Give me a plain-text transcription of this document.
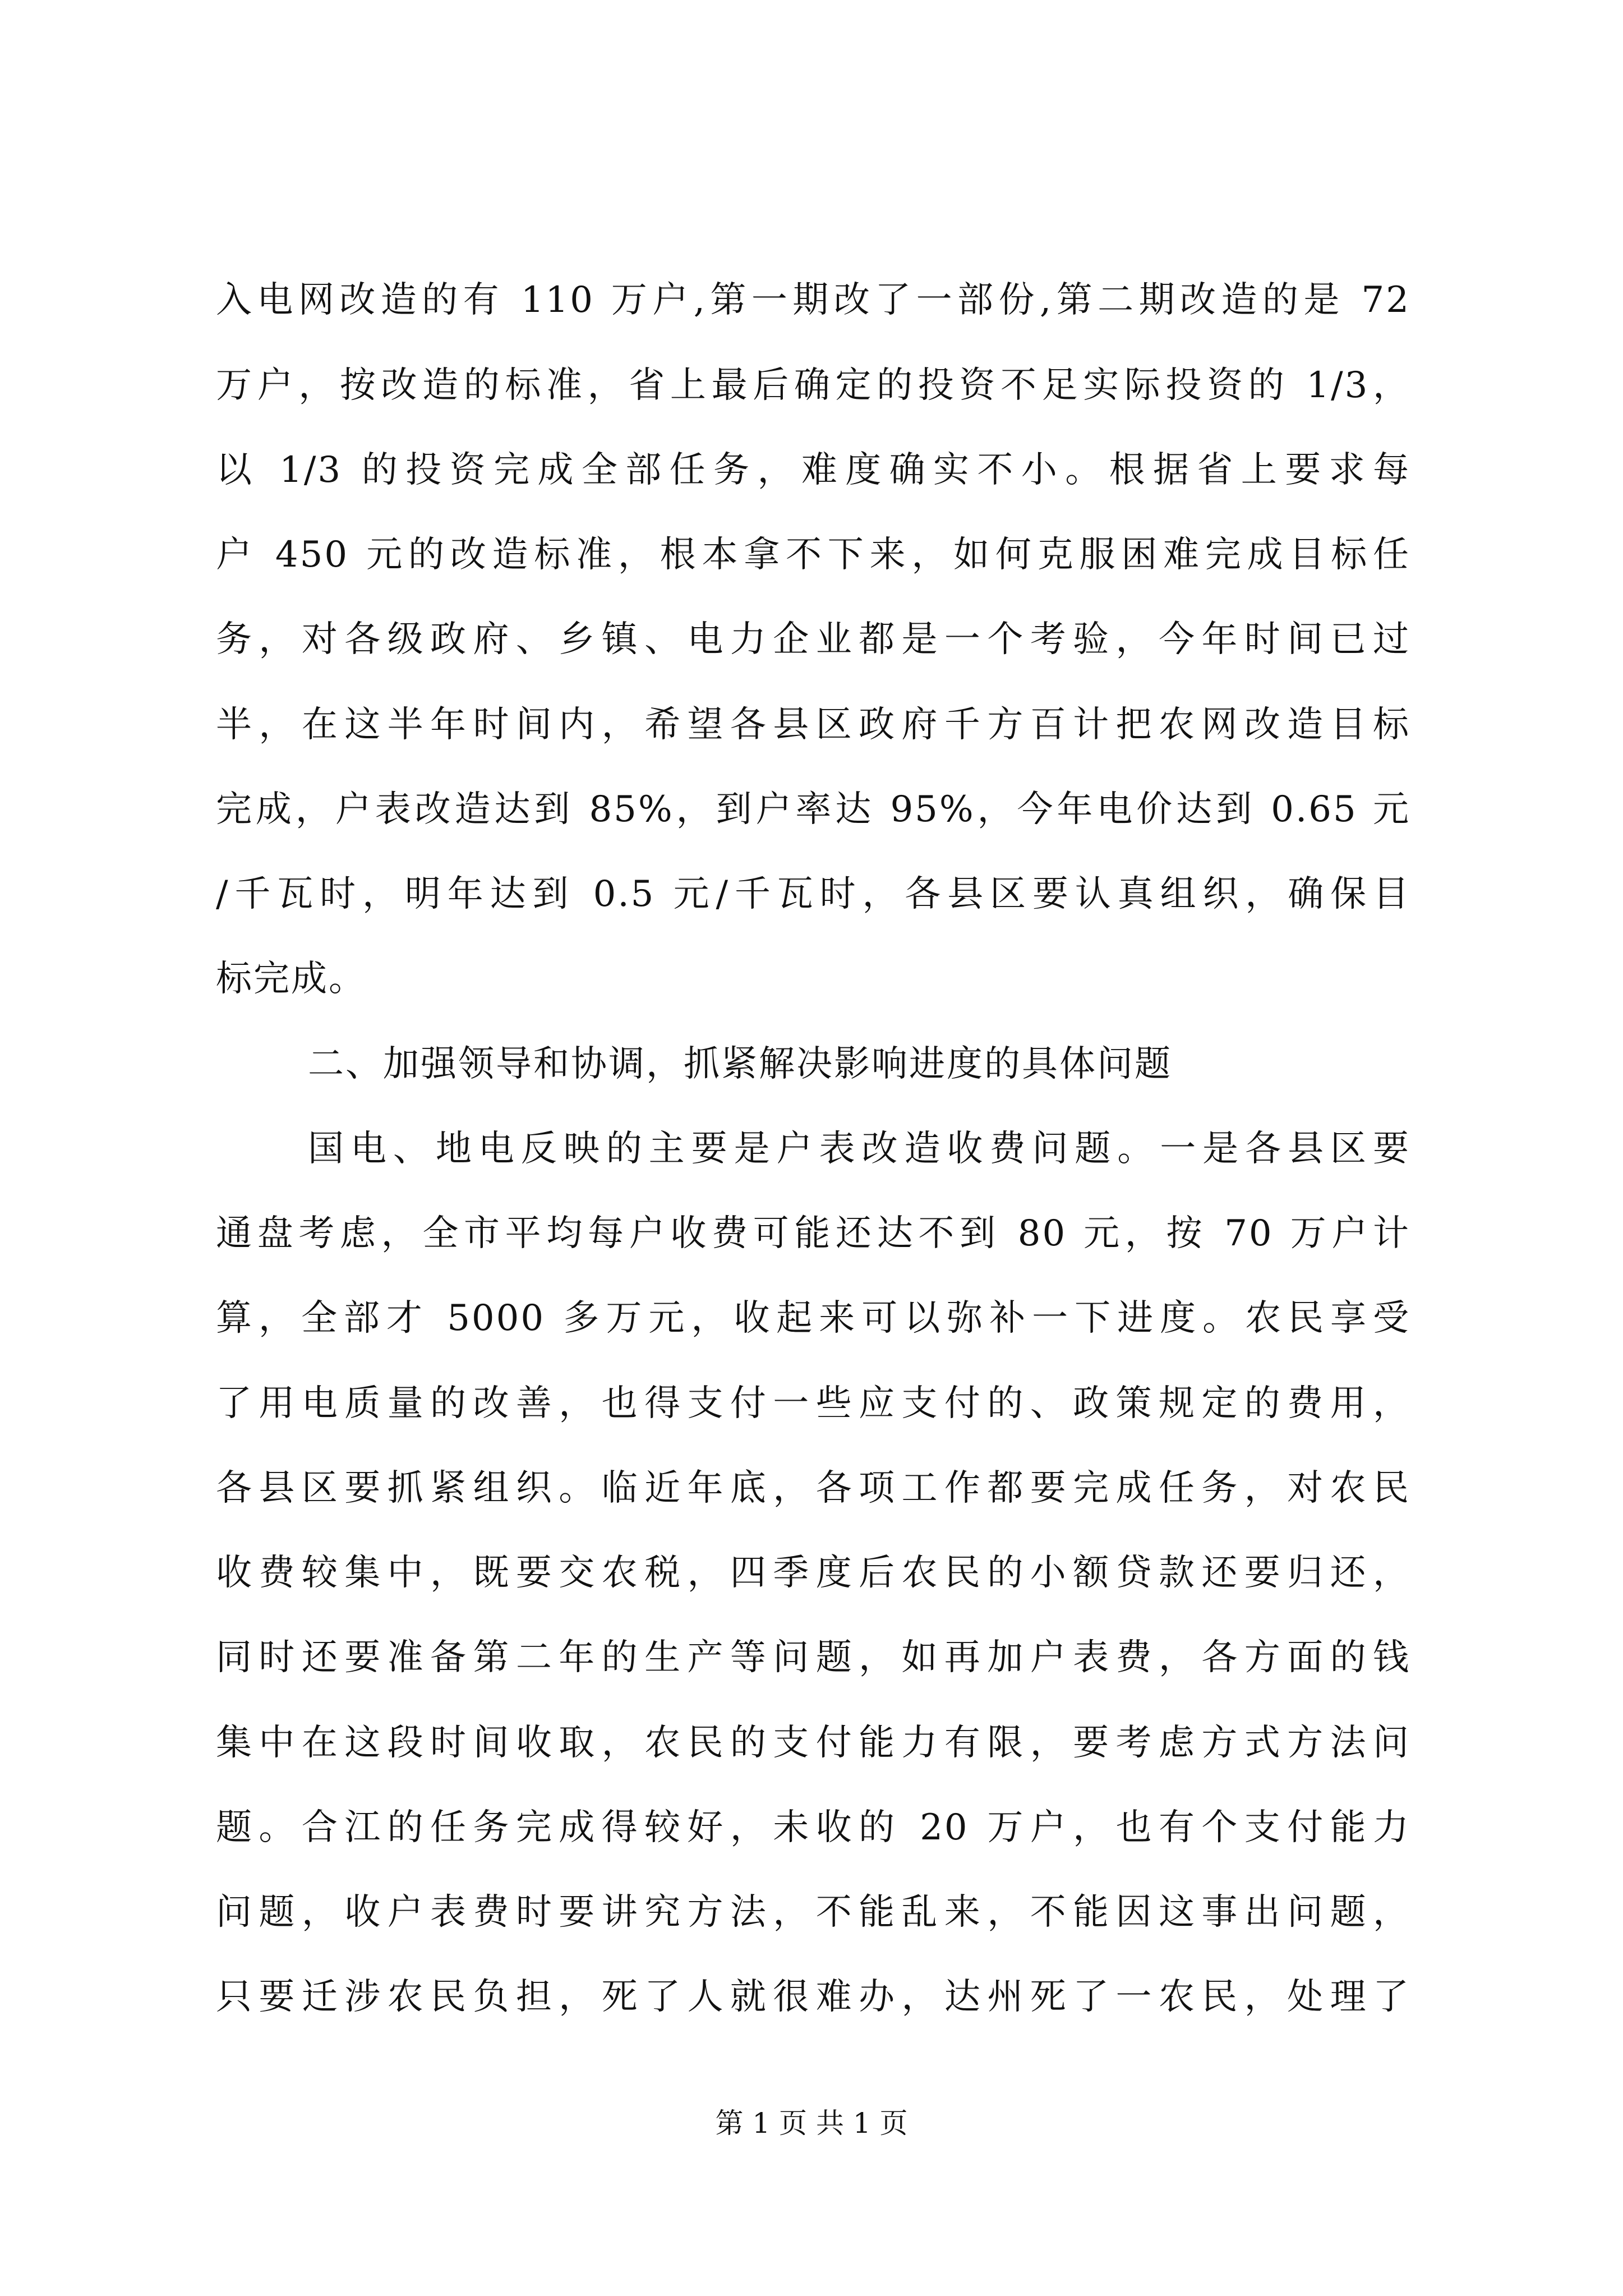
入电网改造的有 110 万户,第一期改了一部份,第二期改造的是 72
万户，按改造的标准，省上最后确定的投资不足实际投资的 1/3，
以 1/3 的投资完成全部任务，难度确实不小。根据省上要求每
户 450 元的改造标准，根本拿不下来，如何克服困难完成目标任
务，对各级政府、乡镇、电力企业都是一个考验，今年时间已过
半，在这半年时间内，希望各县区政府千方百计把农网改造目标
完成，户表改造达到 85%，到户率达 95%，今年电价达到 0.65 元
/千瓦时，明年达到 0.5 元/千瓦时，各县区要认真组织，确保目
标完成。
二、加强领导和协调，抓紧解决影响进度的具体问题
国电、地电反映的主要是户表改造收费问题。一是各县区要
通盘考虑，全市平均每户收费可能还达不到 80 元，按 70 万户计
算，全部才 5000 多万元，收起来可以弥补一下进度。农民享受
了用电质量的改善，也得支付一些应支付的、政策规定的费用，
各县区要抓紧组织。临近年底，各项工作都要完成任务，对农民
收费较集中，既要交农税，四季度后农民的小额贷款还要归还，
同时还要准备第二年的生产等问题，如再加户表费，各方面的钱
集中在这段时间收取，农民的支付能力有限，要考虑方式方法问
题。合江的任务完成得较好，未收的 20 万户，也有个支付能力
问题，收户表费时要讲究方法，不能乱来，不能因这事出问题，
只要迁涉农民负担，死了人就很难办，达州死了一农民，处理了
第 1 页 共 1 页
